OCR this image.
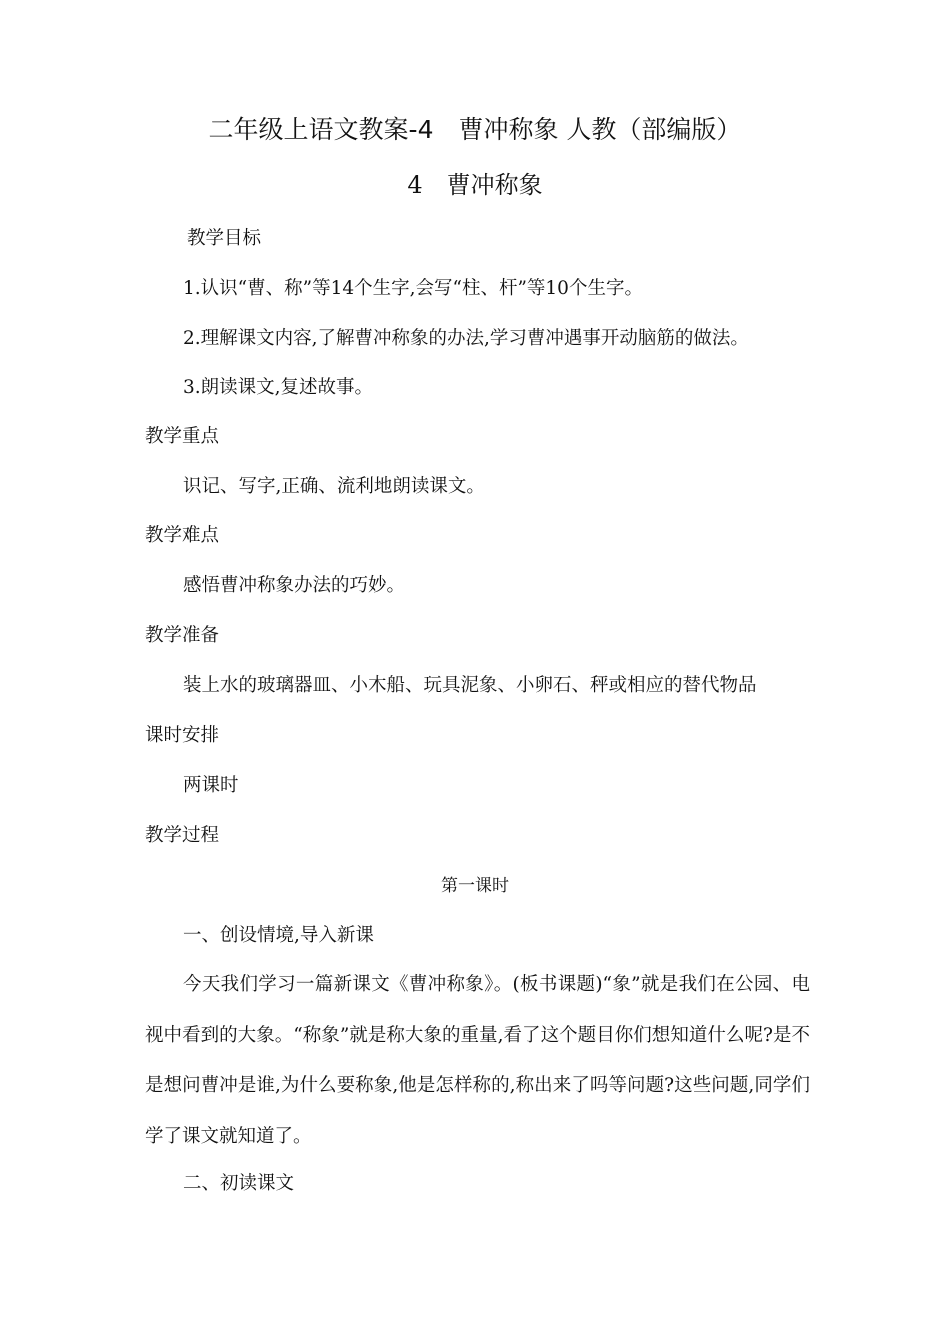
二年级上语文教案-4　曹冲称象 人教（部编版）
4　曹冲称象
教学目标
1.认识“曹、称”等14个生字,会写“柱、杆”等10个生字。
2.理解课文内容,了解曹冲称象的办法,学习曹冲遇事开动脑筋的做法。
3.朗读课文,复述故事。
教学重点
识记、写字,正确、流利地朗读课文。
教学难点
感悟曹冲称象办法的巧妙。
教学准备
装上水的玻璃器皿、小木船、玩具泥象、小卵石、秤或相应的替代物品
课时安排
两课时
教学过程
第一课时
一、创设情境,导入新课
今天我们学习一篇新课文《曹冲称象》。(板书课题)“象”就是我们在公园、电视中看到的大象。“称象”就是称大象的重量,看了这个题目你们想知道什么呢?是不是想问曹冲是谁,为什么要称象,他是怎样称的,称出来了吗等问题?这些问题,同学们学了课文就知道了。
二、初读课文
